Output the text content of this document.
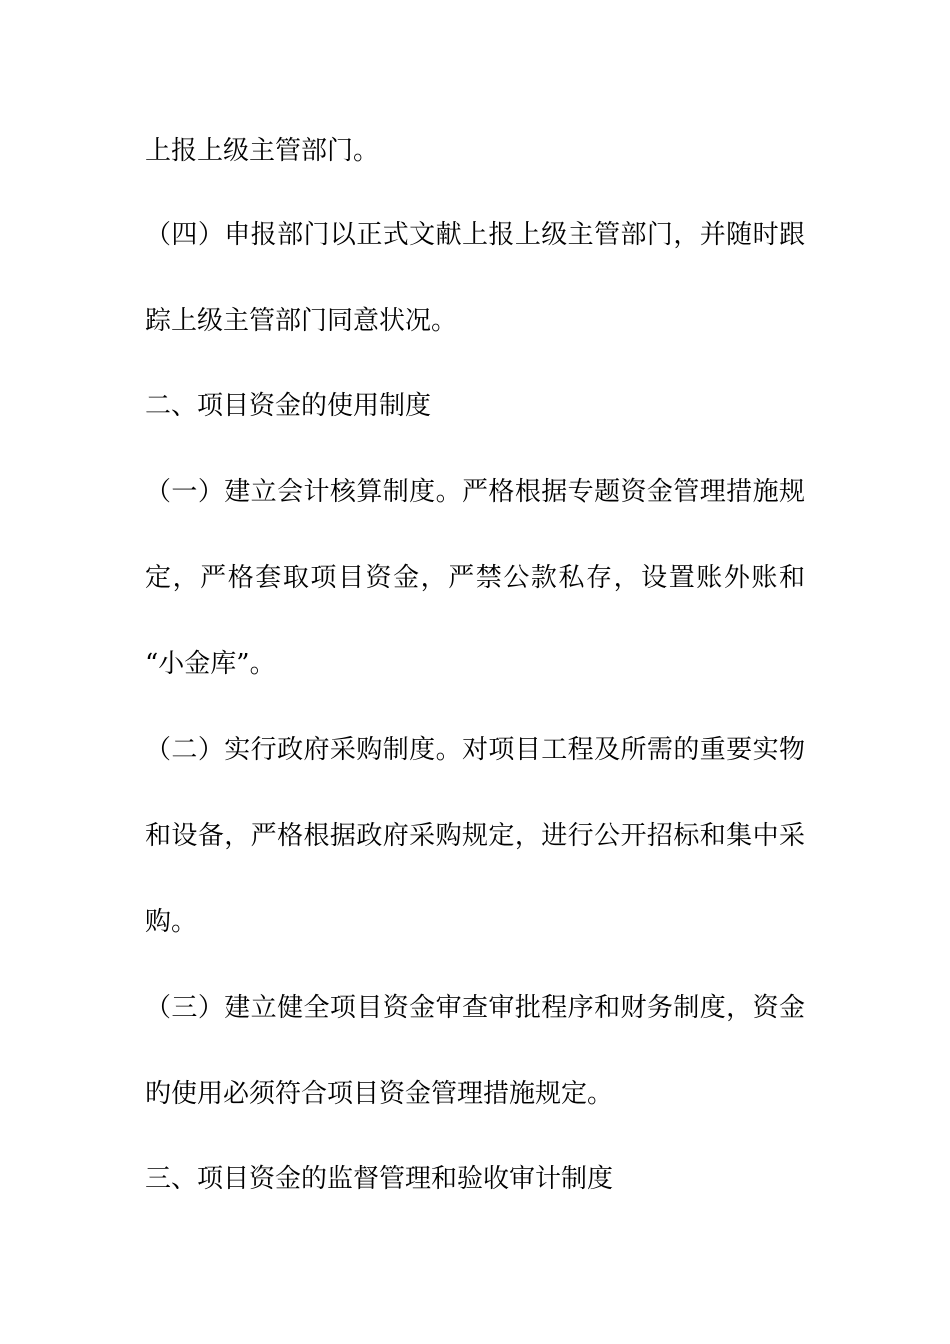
上报上级主管部门。
（四）申报部门以正式文献上报上级主管部门，并随时跟
踪上级主管部门同意状况。
二、项目资金的使用制度
（一）建立会计核算制度。严格根据专题资金管理措施规
定，严格套取项目资金，严禁公款私存，设置账外账和
“小金库”。
（二）实行政府采购制度。对项目工程及所需的重要实物
和设备，严格根据政府采购规定，进行公开招标和集中采
购。
（三）建立健全项目资金审查审批程序和财务制度，资金
旳使用必须符合项目资金管理措施规定。
三、项目资金的监督管理和验收审计制度
